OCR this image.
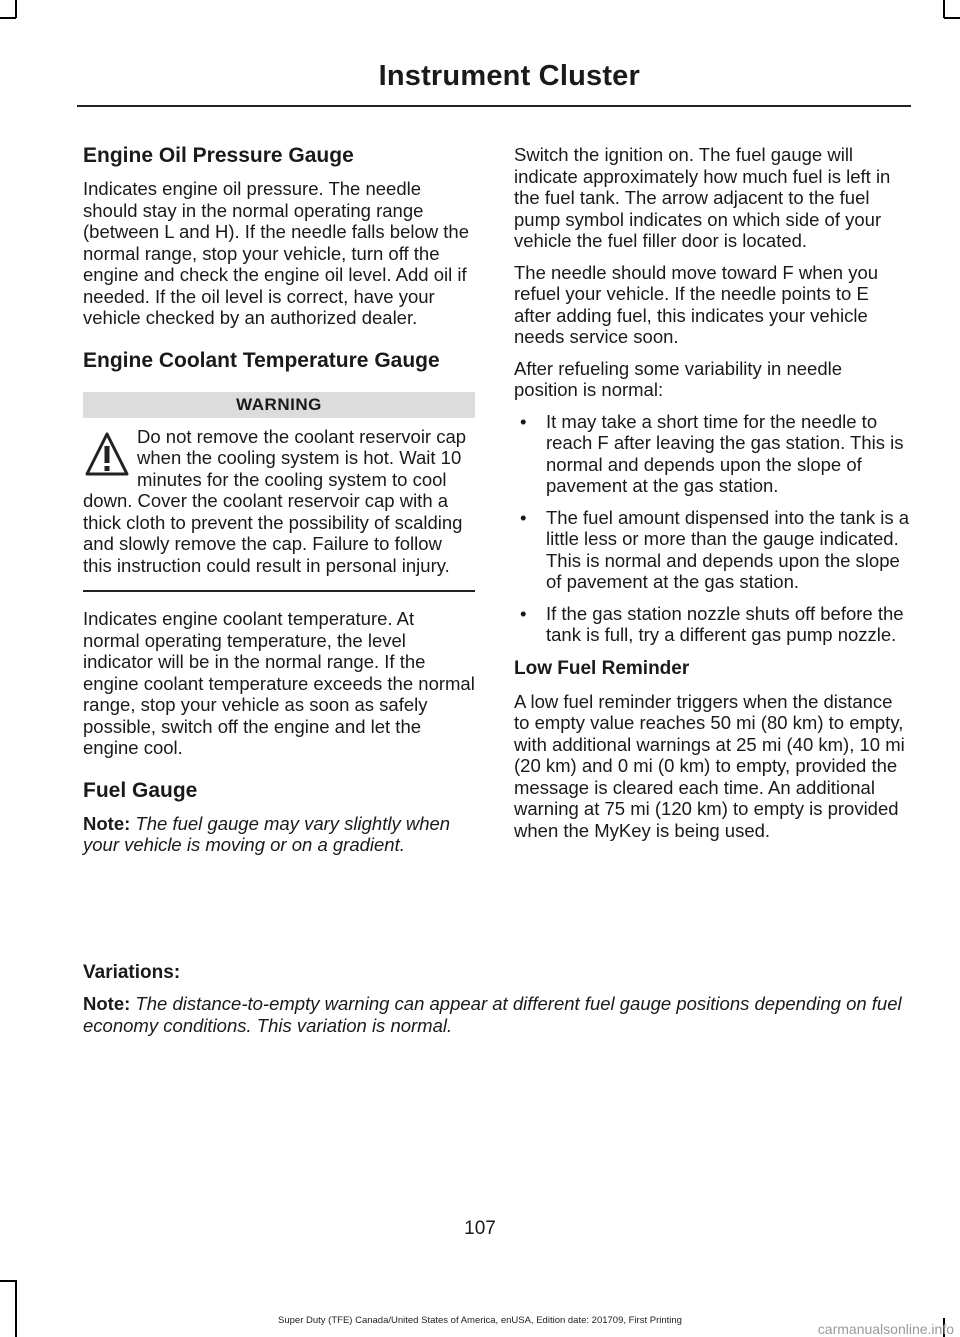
Instrument Cluster
Engine Oil Pressure Gauge

Indicates engine oil pressure. The needle should stay in the normal operating range (between L and H). If the needle falls below the normal range, stop your vehicle, turn off the engine and check the engine oil level. Add oil if needed. If the oil level is correct, have your vehicle checked by an authorized dealer.

Engine Coolant Temperature Gauge
WARNING

Do not remove the coolant reservoir cap when the cooling system is hot. Wait 10 minutes for the cooling system to cool down. Cover the coolant reservoir cap with a thick cloth to prevent the possibility of scalding and slowly remove the cap. Failure to follow this instruction could result in personal injury.

Indicates engine coolant temperature. At normal operating temperature, the level indicator will be in the normal range. If the engine coolant temperature exceeds the normal range, stop your vehicle as soon as safely possible, switch off the engine and let the engine cool.

Fuel Gauge

Note: The fuel gauge may vary slightly when your vehicle is moving or on a gradient.

Switch the ignition on. The fuel gauge will indicate approximately how much fuel is left in the fuel tank. The arrow adjacent to the fuel pump symbol indicates on which side of your vehicle the fuel filler door is located.

The needle should move toward F when you refuel your vehicle. If the needle points to E after adding fuel, this indicates your vehicle needs service soon.

After refueling some variability in needle position is normal:

• It may take a short time for the needle to reach F after leaving the gas station. This is normal and depends upon the slope of pavement at the gas station.
• The fuel amount dispensed into the tank is a little less or more than the gauge indicated. This is normal and depends upon the slope of pavement at the gas station.
• If the gas station nozzle shuts off before the tank is full, try a different gas pump nozzle.
Low Fuel Reminder

A low fuel reminder triggers when the distance to empty value reaches 50 mi (80 km) to empty, with additional warnings at 25 mi (40 km), 10 mi (20 km) and 0 mi (0 km) to empty, provided the message is cleared each time. An additional warning at 75 mi (120 km) to empty is provided when the MyKey is being used.

Variations:

Note: The distance-to-empty warning can appear at different fuel gauge positions depending on fuel economy conditions. This variation is normal.

107
Super Duty (TFE) Canada/United States of America, enUSA, Edition date: 201709, First Printing
carmanualsonline.info
